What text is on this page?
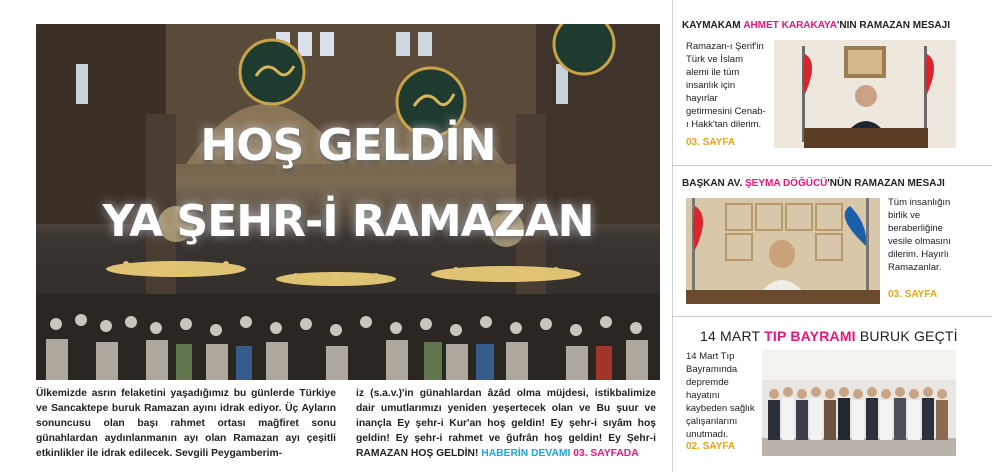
HOŞ GELDİN
YA ŞEHR-İ RAMAZAN
Ülkemizde asrın felaketini yaşadığımız bu günlerde Türkiye ve Sancaktepe buruk Ramazan ayını idrak ediyor. Üç Ayların sonuncusu olan başı rahmet ortası mağfiret sonu günahlardan aydınlanmanın ayı olan Ramazan ayı çeşitli etkinlikler ile idrak edilecek. Sevgili Peygamberim-
iz (s.a.v.)'in günahlardan âzâd olma müjdesi, istikbalimize dair umutlarımızı yeniden yeşertecek olan ve Bu şuur ve inançla Ey şehr-i Kur'an hoş geldin! Ey şehr-i sıyâm hoş geldin! Ey şehr-i rahmet ve ğufrân hoş geldin! Ey Şehr-i RAMAZAN HOŞ GELDİN! HABERİN DEVAMI 03. SAYFADA
KAYMAKAM AHMET KARAKAYA'NIN RAMAZAN MESAJI
Ramazan-ı Şerif'in Türk ve İslam alemi ile tüm insanlık için hayırlar getirmesini Cenab-ı Hakk'tan dilerim.
03. SAYFA
BAŞKAN AV. ŞEYMA DÖĞÜCÜ'NÜN RAMAZAN MESAJI
Tüm insanlığın birlik ve beraberliğine vesile olmasını dilerim. Hayırlı Ramazanlar.
03. SAYFA
14 MART TIP BAYRAMI BURUK GEÇTİ
14 Mart Tıp Bayramında depremde hayatını kaybeden sağlık çalışanlarını unutmadı.
02. SAYFA
